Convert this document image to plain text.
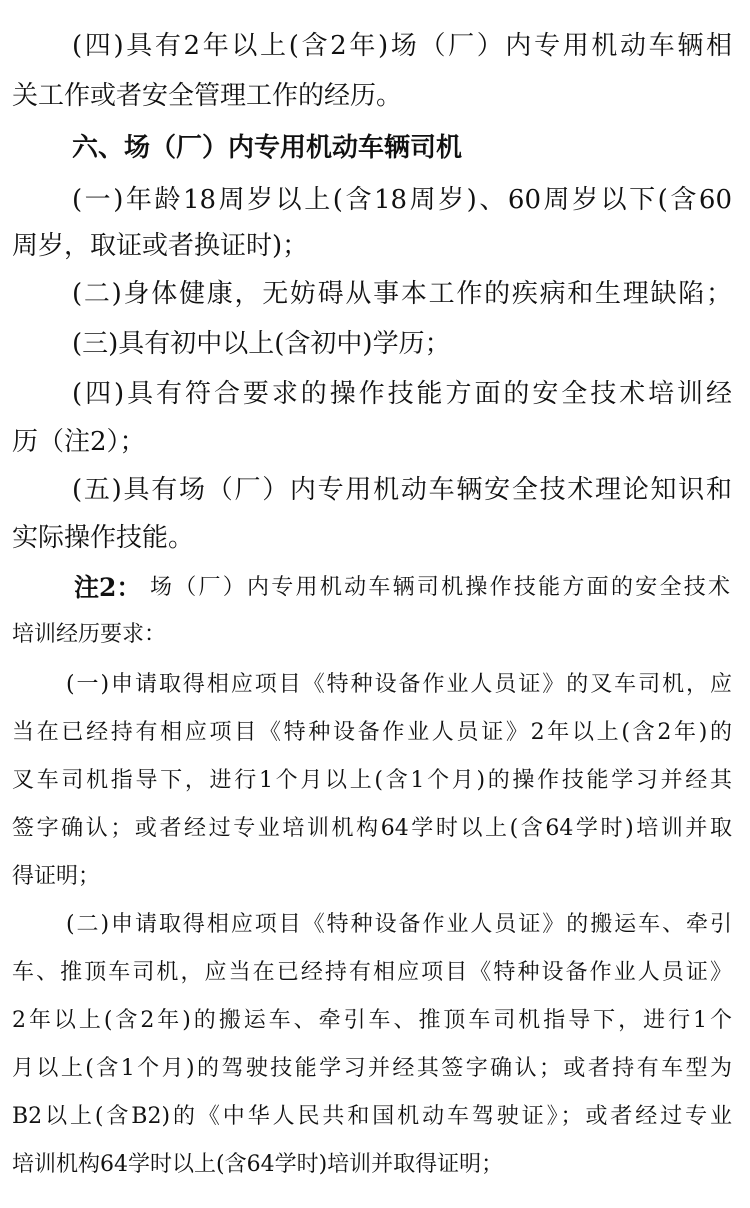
(四)具有2年以上(含2年)场（厂）内专用机动车辆相
关工作或者安全管理工作的经历。
六、场（厂）内专用机动车辆司机
(一)年龄18周岁以上(含18周岁)、60周岁以下(含60
周岁，取证或者换证时)；
(二)身体健康，无妨碍从事本工作的疾病和生理缺陷；
(三)具有初中以上(含初中)学历；
(四)具有符合要求的操作技能方面的安全技术培训经
历（注2）；
(五)具有场（厂）内专用机动车辆安全技术理论知识和
实际操作技能。
注2： 场（厂）内专用机动车辆司机操作技能方面的安全技术
培训经历要求：
(一)申请取得相应项目《特种设备作业人员证》的叉车司机，应
当在已经持有相应项目《特种设备作业人员证》2年以上(含2年)的
叉车司机指导下，进行1个月以上(含1个月)的操作技能学习并经其
签字确认；或者经过专业培训机构64学时以上(含64学时)培训并取
得证明；
(二)申请取得相应项目《特种设备作业人员证》的搬运车、牵引
车、推顶车司机，应当在已经持有相应项目《特种设备作业人员证》
2年以上(含2年)的搬运车、牵引车、推顶车司机指导下，进行1个
月以上(含1个月)的驾驶技能学习并经其签字确认；或者持有车型为
B2以上(含B2)的《中华人民共和国机动车驾驶证》；或者经过专业
培训机构64学时以上(含64学时)培训并取得证明；
